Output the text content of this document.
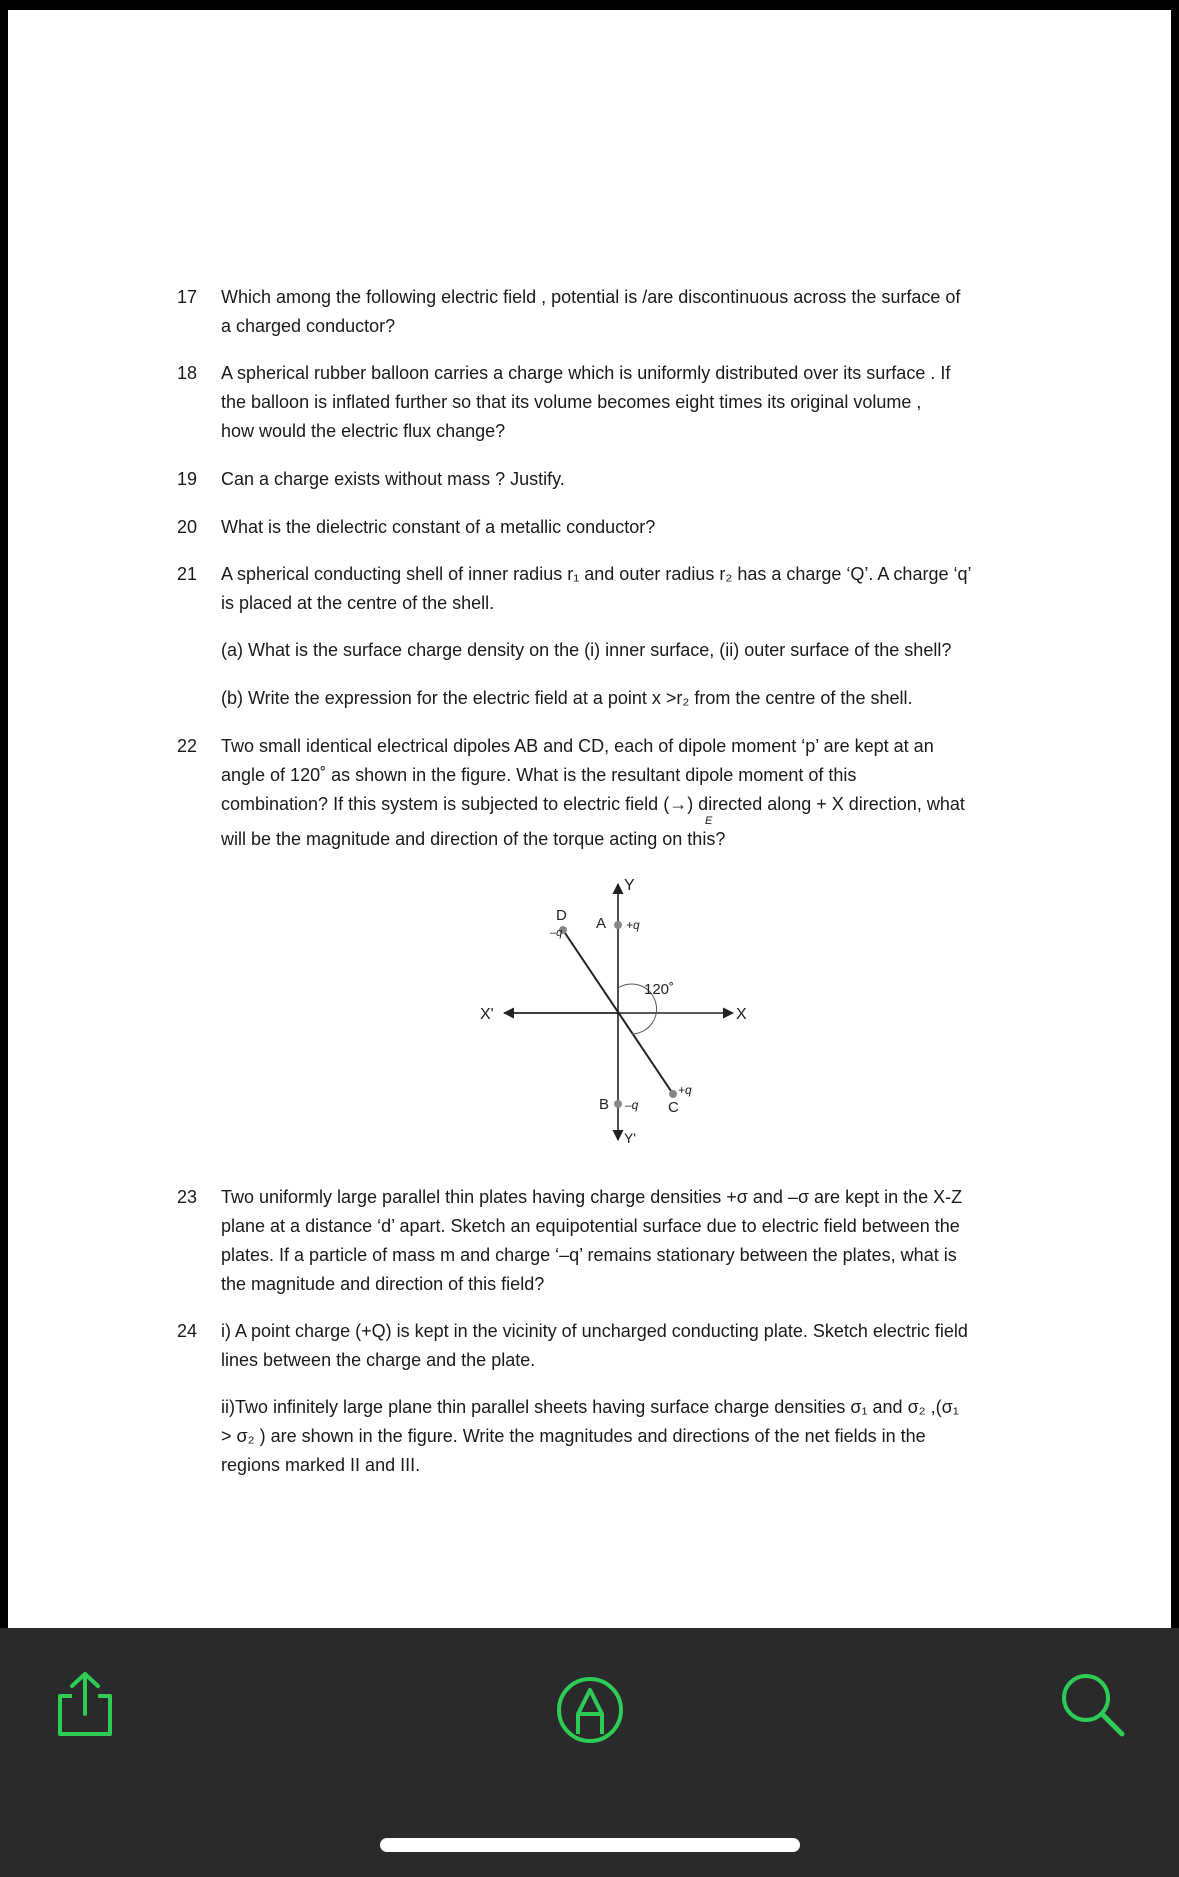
17 Which among the following electric field , potential is /are discontinuous across the surface of
a charged conductor?
18 A spherical rubber balloon carries a charge which is uniformly distributed over its surface . If
the balloon is inflated further so that its volume becomes eight times its original volume ,
how would the electric flux change?
19 Can a charge exists without mass ? Justify.
20 What is the dielectric constant of a metallic conductor?
21 A spherical conducting shell of inner radius r₁ and outer radius r₂ has a charge ‘Q’. A charge ‘q’
is placed at the centre of the shell.
(a) What is the surface charge density on the (i) inner surface, (ii) outer surface of the shell?
(b) Write the expression for the electric field at a point x >r₂ from the centre of the shell.
22 Two small identical electrical dipoles AB and CD, each of dipole moment ‘p’ are kept at an
angle of 120˚ as shown in the figure. What is the resultant dipole moment of this
combination? If this system is subjected to electric field (→) directed along + X direction, what
E
will be the magnitude and direction of the torque acting on this?
Y
Y'
X
X'
D A +q
–q
120˚
B –q C
+q
23 Two uniformly large parallel thin plates having charge densities +σ and –σ are kept in the X-Z
plane at a distance ‘d’ apart. Sketch an equipotential surface due to electric field between the
plates. If a particle of mass m and charge ‘–q’ remains stationary between the plates, what is
the magnitude and direction of this field?
24 i) A point charge (+Q) is kept in the vicinity of uncharged conducting plate. Sketch electric field
lines between the charge and the plate.
ii)Two infinitely large plane thin parallel sheets having surface charge densities σ₁ and σ₂ ,(σ₁
> σ₂ ) are shown in the figure. Write the magnitudes and directions of the net fields in the
regions marked II and III.
